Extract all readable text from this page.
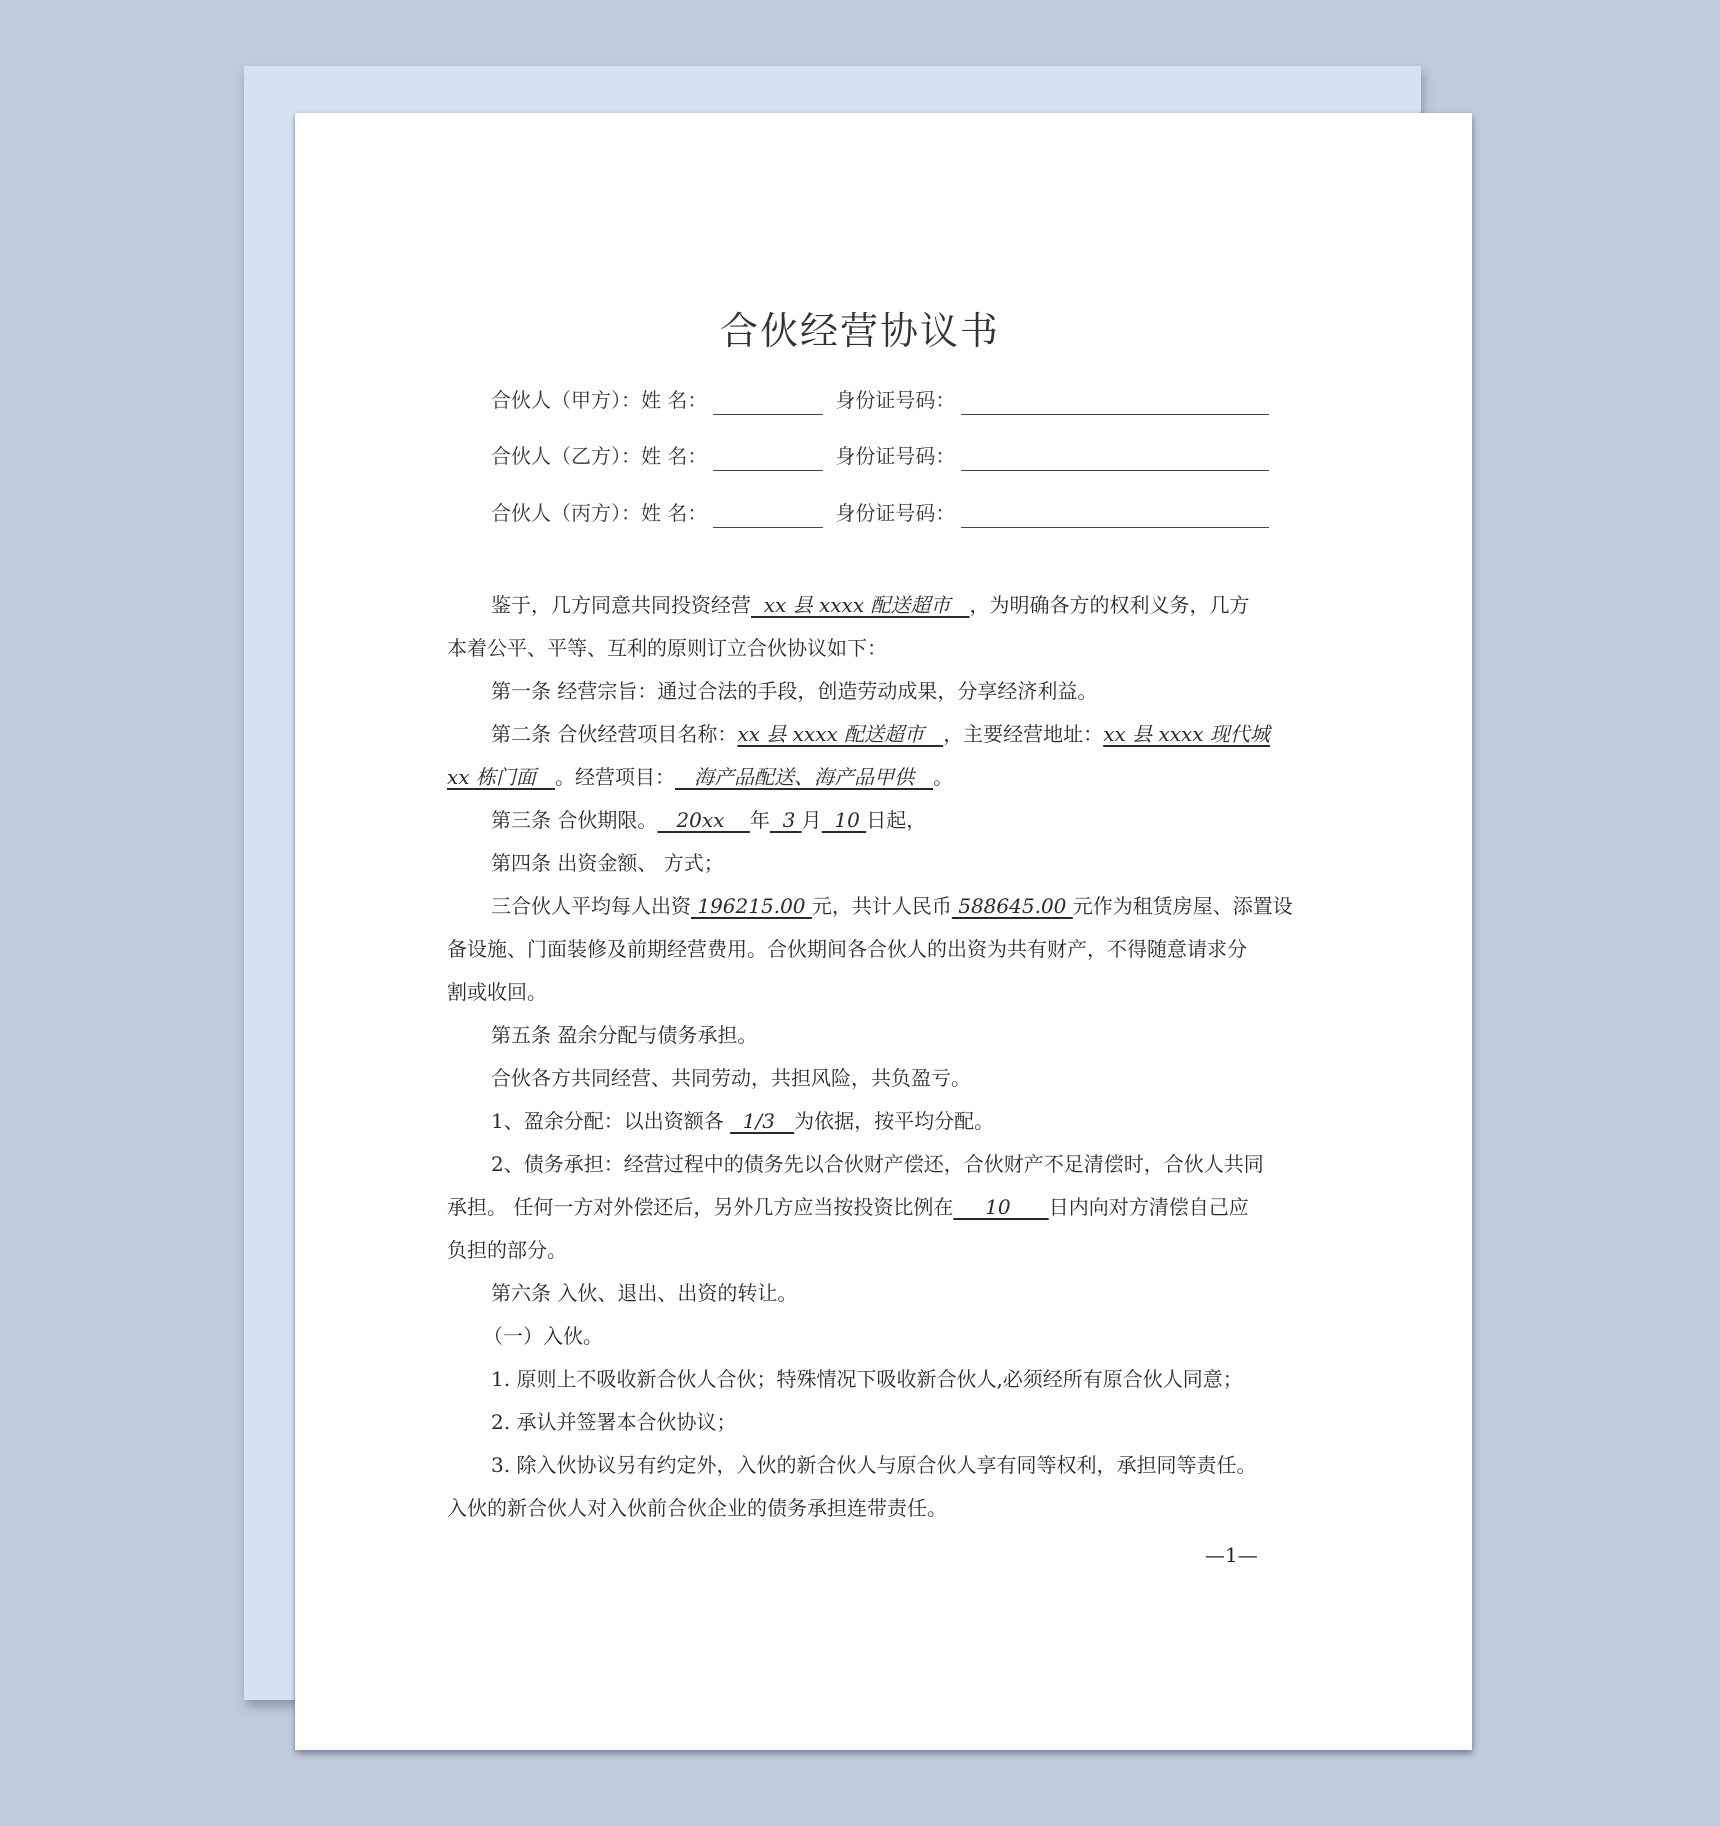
合伙经营协议书
合伙人（甲方）：姓 名：	身份证号码：
合伙人（乙方）：姓 名：	身份证号码：
合伙人（丙方）：姓 名：	身份证号码：

鉴于，几方同意共同投资经营  xx 县 xxxx 配送超市   ，为明确各方的权利义务，几方

本着公平、平等、互利的原则订立合伙协议如下：

第一条 经营宗旨：通过合法的手段，创造劳动成果，分享经济利益。

第二条 合伙经营项目名称：xx 县 xxxx 配送超市   ，主要经营地址：xx 县 xxxx 现代城

xx 栋门面   。经营项目：   海产品配送、海产品甲供   。

第三条 合伙期限。   20xx    年  3 月  10 日起，

第四条 出资金额、 方式；

三合伙人平均每人出资 196215.00 元，共计人民币 588645.00 元作为租赁房屋、添置设

备设施、门面装修及前期经营费用。合伙期间各合伙人的出资为共有财产，不得随意请求分

割或收回。

第五条 盈余分配与债务承担。

合伙各方共同经营、共同劳动，共担风险，共负盈亏。

1、盈余分配：以出资额各   1/3   为依据，按平均分配。

2、债务承担：经营过程中的债务先以合伙财产偿还，合伙财产不足清偿时，合伙人共同

承担。 任何一方对外偿还后，另外几方应当按投资比例在     10      日内向对方清偿自己应

负担的部分。

第六条 入伙、退出、出资的转让。

（一）入伙。

1. 原则上不吸收新合伙人合伙；特殊情况下吸收新合伙人,必须经所有原合伙人同意；

2. 承认并签署本合伙协议；

3. 除入伙协议另有约定外，入伙的新合伙人与原合伙人享有同等权利，承担同等责任。

入伙的新合伙人对入伙前合伙企业的债务承担连带责任。

—1—
